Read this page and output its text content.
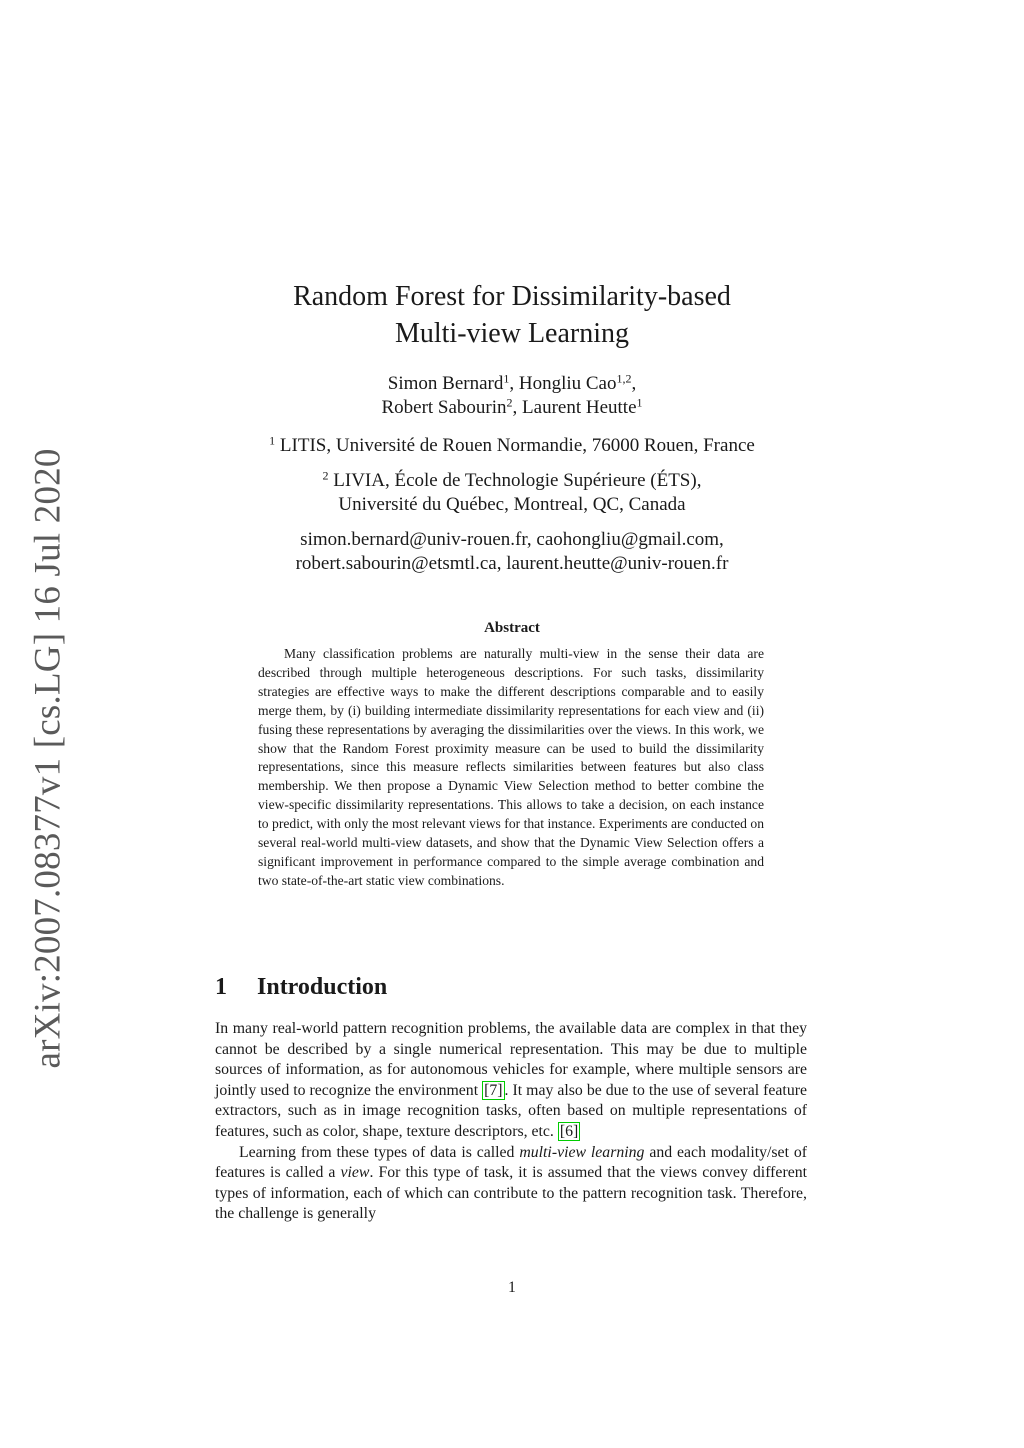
arXiv:2007.08377v1 [cs.LG] 16 Jul 2020
Random Forest for Dissimilarity-based
Multi-view Learning
Simon Bernard$^1$, Hongliu Cao$^{1,2}$,
Robert Sabourin$^2$, Laurent Heutte$^1$
$^1$ LITIS, Université de Rouen Normandie, 76000 Rouen, France
$^2$ LIVIA, École de Technologie Supérieure (ÉTS),
Université du Québec, Montreal, QC, Canada
simon.bernard@univ-rouen.fr, caohongliu@gmail.com,
robert.sabourin@etsmtl.ca, laurent.heutte@univ-rouen.fr
Abstract
Many classification problems are naturally multi-view in the sense their data are described through multiple heterogeneous descriptions. For such tasks, dissimilarity strategies are effective ways to make the different descriptions comparable and to easily merge them, by (i) building intermediate dissimilarity representations for each view and (ii) fusing these representations by averaging the dissimilarities over the views. In this work, we show that the Random Forest proximity measure can be used to build the dissimilarity representations, since this measure reflects similarities between features but also class membership. We then propose a Dynamic View Selection method to better combine the view-specific dissimilarity representations. This allows to take a decision, on each instance to predict, with only the most relevant views for that instance. Experiments are conducted on several real-world multi-view datasets, and show that the Dynamic View Selection offers a significant improvement in performance compared to the simple average combination and two state-of-the-art static view combinations.
1 Introduction

In many real-world pattern recognition problems, the available data are complex in that they cannot be described by a single numerical representation. This may be due to multiple sources of information, as for autonomous vehicles for example, where multiple sensors are jointly used to recognize the environment [7] . It may also be due to the use of several feature extractors, such as in image recognition tasks, often based on multiple representations of features, such as color, shape, texture descriptors, etc. [6]

Learning from these types of data is called multi-view learning and each modality/set of features is called a view. For this type of task, it is assumed that the views convey different types of information, each of which can contribute to the pattern recognition task. Therefore, the challenge is generally

1
